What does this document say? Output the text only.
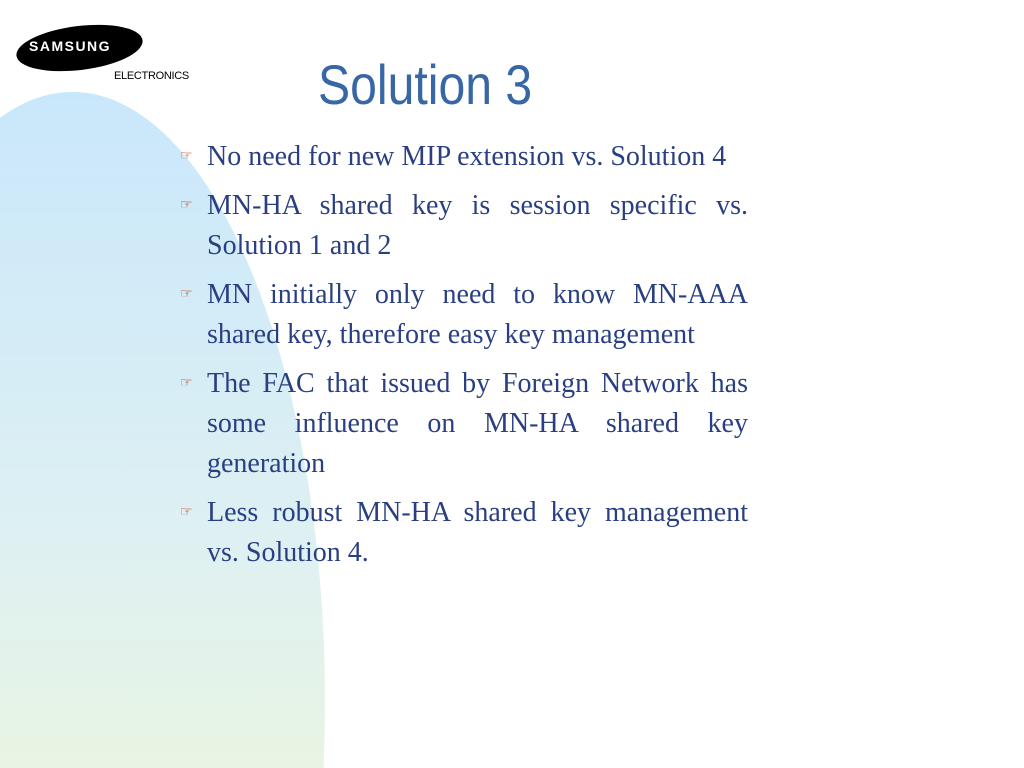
SAMSUNG
ELECTRONICS Solution 3
☞ No need for new MIP extension vs. Solution 4
☞ MN-HA shared key is session specific vs. Solution 1 and 2
☞ MN initially only need to know MN-AAA shared key, therefore easy key management
☞ The FAC that issued by Foreign Network has some influence on MN-HA shared key generation
☞ Less robust MN-HA shared key management vs. Solution 4.
